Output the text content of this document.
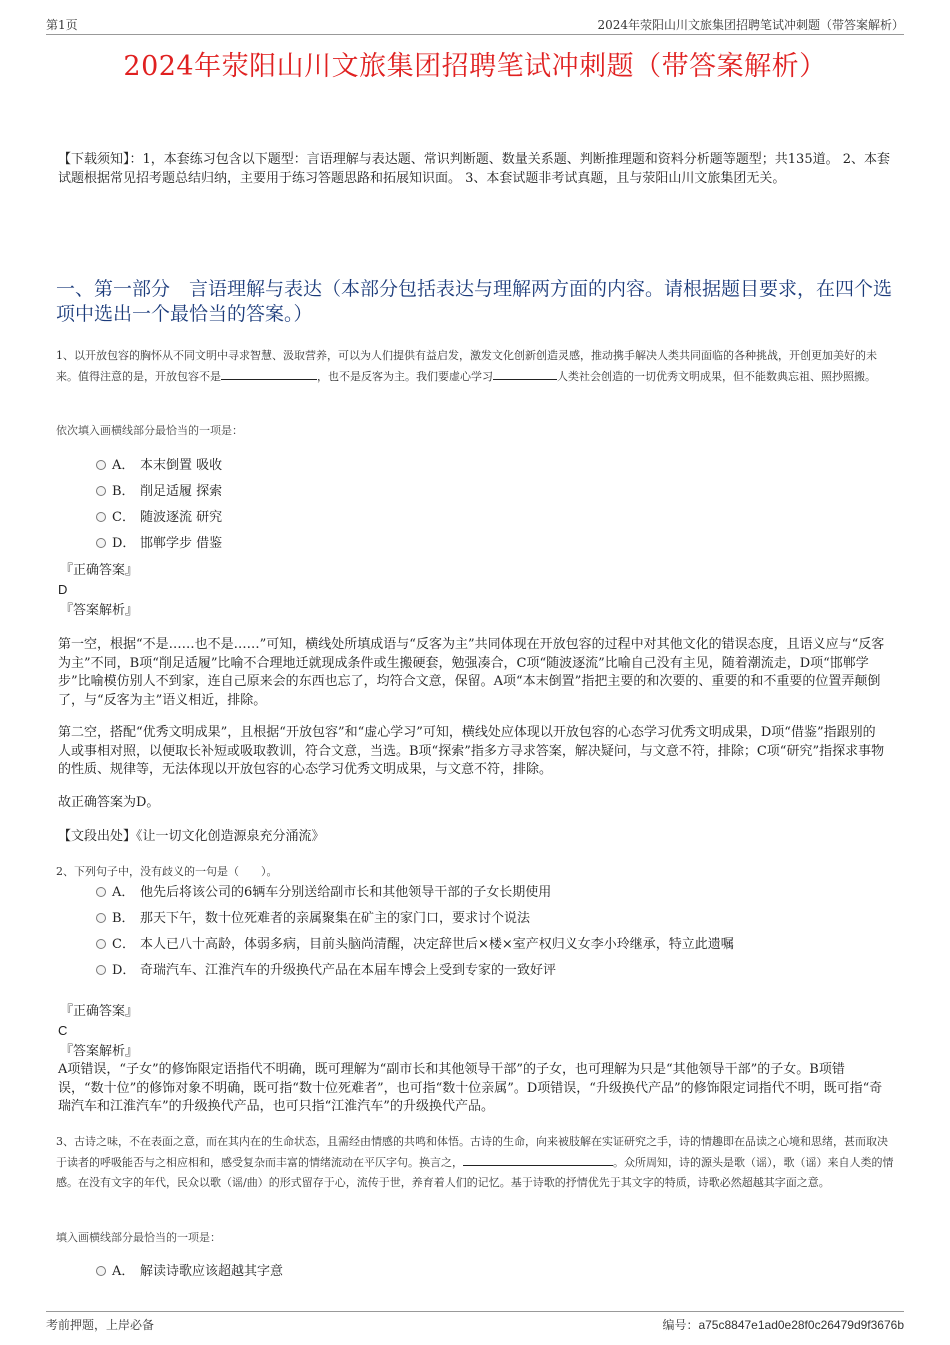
第1页	2024年荥阳山川文旅集团招聘笔试冲刺题（带答案解析）
2024年荥阳山川文旅集团招聘笔试冲刺题（带答案解析）
【下载须知】：1，本套练习包含以下题型：言语理解与表达题、常识判断题、数量关系题、判断推理题和资料分析题等题型；共135道。 2、本套试题根据常见招考题总结归纳，主要用于练习答题思路和拓展知识面。 3、本套试题非考试真题，且与荥阳山川文旅集团无关。
一、第一部分　言语理解与表达（本部分包括表达与理解两方面的内容。请根据题目要求，在四个选项中选出一个最恰当的答案。）
1、以开放包容的胸怀从不同文明中寻求智慧、汲取营养，可以为人们提供有益启发，激发文化创新创造灵感，推动携手解决人类共同面临的各种挑战，开创更加美好的未来。值得注意的是，开放包容不是	，也不是反客为主。我们要虚心学习	人类社会创造的一切优秀文明成果，但不能数典忘祖、照抄照搬。
依次填入画横线部分最恰当的一项是：
A． 本末倒置 吸收
B． 削足适履 探索
C． 随波逐流 研究
D． 邯郸学步 借鉴
『正确答案』
D
『答案解析』
第一空，根据“不是……也不是……”可知，横线处所填成语与“反客为主”共同体现在开放包容的过程中对其他文化的错误态度，且语义应与“反客为主”不同，B项“削足适履”比喻不合理地迁就现成条件或生搬硬套，勉强凑合，C项“随波逐流”比喻自己没有主见，随着潮流走，D项“邯郸学步”比喻模仿别人不到家，连自己原来会的东西也忘了，均符合文意，保留。A项“本末倒置”指把主要的和次要的、重要的和不重要的位置弄颠倒了，与“反客为主”语义相近，排除。
第二空，搭配“优秀文明成果”，且根据“开放包容”和“虚心学习”可知，横线处应体现以开放包容的心态学习优秀文明成果，D项“借鉴”指跟别的人或事相对照，以便取长补短或吸取教训，符合文意，当选。B项“探索”指多方寻求答案，解决疑问，与文意不符，排除；C项“研究”指探求事物的性质、规律等，无法体现以开放包容的心态学习优秀文明成果，与文意不符，排除。
故正确答案为D。
【文段出处】《让一切文化创造源泉充分涌流》
2、下列句子中，没有歧义的一句是（　　）。
A． 他先后将该公司的6辆车分别送给副市长和其他领导干部的子女长期使用
B． 那天下午，数十位死难者的亲属聚集在矿主的家门口，要求讨个说法
C． 本人已八十高龄，体弱多病，目前头脑尚清醒，决定辞世后×楼×室产权归义女李小玲继承，特立此遗嘱
D． 奇瑞汽车、江淮汽车的升级换代产品在本届车博会上受到专家的一致好评
『正确答案』
C
『答案解析』
A项错误，“子女”的修饰限定语指代不明确，既可理解为“副市长和其他领导干部”的子女，也可理解为只是“其他领导干部”的子女。B项错误，“数十位”的修饰对象不明确，既可指“数十位死难者”，也可指“数十位亲属”。D项错误，“升级换代产品”的修饰限定词指代不明，既可指“奇瑞汽车和江淮汽车”的升级换代产品，也可只指“江淮汽车”的升级换代产品。
3、古诗之味，不在表面之意，而在其内在的生命状态，且需经由情感的共鸣和体悟。古诗的生命，向来被肢解在实证研究之手，诗的情趣即在品读之心境和思绪，甚而取决于读者的呼吸能否与之相应相和，感受复杂而丰富的情绪流动在平仄字句。换言之，	。众所周知，诗的源头是歌（谣），歌（谣）来自人类的情感。在没有文字的年代，民众以歌（谣/曲）的形式留存于心，流传于世，养育着人们的记忆。基于诗歌的抒情优先于其文字的特质，诗歌必然超越其字面之意。
填入画横线部分最恰当的一项是：
A． 解读诗歌应该超越其字意
考前押题，上岸必备	编号：a75c8847e1ad0e28f0c26479d9f3676b
